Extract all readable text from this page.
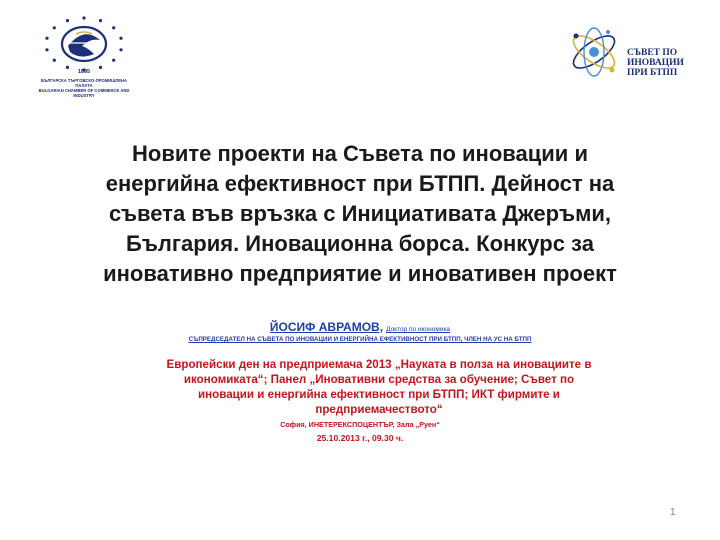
1895
БЪЛГАРСКА ТЪРГОВСКО-ПРОМИШЛЕНА ПАЛАТА
BULGARIAN CHAMBER OF COMMERCE AND INDUSTRY
СЪВЕТ ПО
ИНОВАЦИИ
ПРИ БТПП
Новите проекти на Съвета по иновации и
енергийна ефективност при БТПП. Дейност на
съвета във връзка с Инициативата Джеръми,
България. Иновационна борса. Конкурс за
иновативно предприятие и иновативен проект
ЙОСИФ АВРАМОВ, Доктор по икономика
СЪПРЕДСЕДАТЕЛ НА СЪВЕТА ПО ИНОВАЦИИ И ЕНЕРГИЙНА ЕФЕКТИВНОСТ ПРИ БТПП, ЧЛЕН НА УС НА БТПП
Европейски ден на предприемача 2013 „Науката в полза на иновациите в
икономиката“; Панел „Иновативни средства за обучение; Съвет по
иновации и енергийна ефективност при БТПП; ИКТ фирмите и
предприемачеството“
София, ИНЕТЕРЕКСПОЦЕНТЪР, Зала „Руен“
25.10.2013 г., 09.30 ч.
1
